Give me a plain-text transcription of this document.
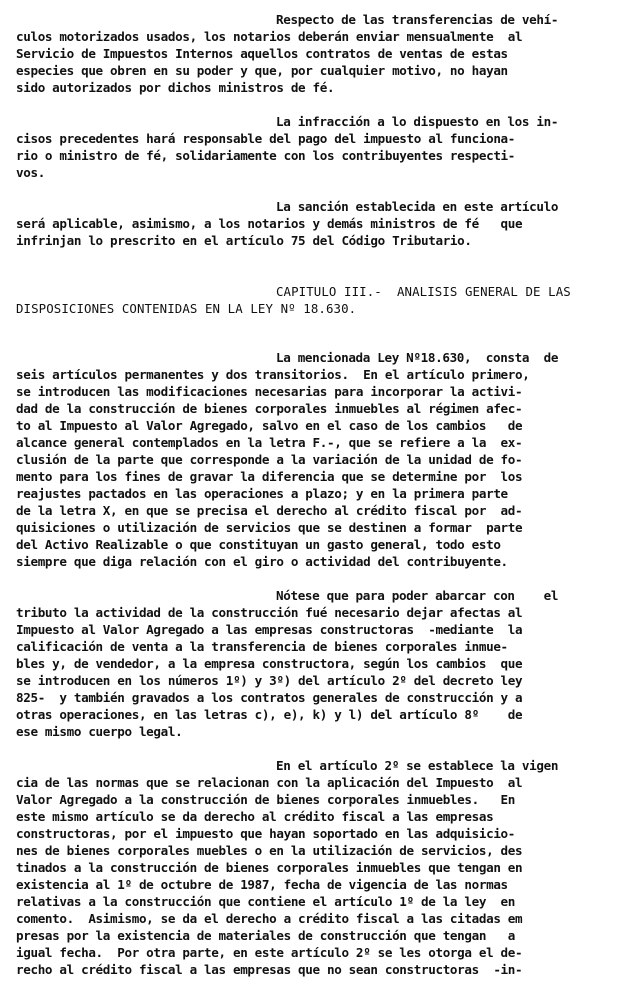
Respecto de las transferencias de vehí-
culos motorizados usados, los notarios deberán enviar mensualmente  al
Servicio de Impuestos Internos aquellos contratos de ventas de estas
especies que obren en su poder y que, por cualquier motivo, no hayan
sido autorizados por dichos ministros de fé.
La infracción a lo dispuesto en los in-
cisos precedentes hará responsable del pago del impuesto al funciona-
rio o ministro de fé, solidariamente con los contribuyentes respecti-
vos.
La sanción establecida en este artículo
será aplicable, asimismo, a los notarios y demás ministros de fé   que
infrinjan lo prescrito en el artículo 75 del Código Tributario.
CAPITULO III.-  ANALISIS GENERAL DE LAS
DISPOSICIONES CONTENIDAS EN LA LEY Nº 18.630.
La mencionada Ley Nº18.630,  consta  de
seis artículos permanentes y dos transitorios.  En el artículo primero,
se introducen las modificaciones necesarias para incorporar la activi-
dad de la construcción de bienes corporales inmuebles al régimen afec-
to al Impuesto al Valor Agregado, salvo en el caso de los cambios   de
alcance general contemplados en la letra F.-, que se refiere a la  ex-
clusión de la parte que corresponde a la variación de la unidad de fo-
mento para los fines de gravar la diferencia que se determine por  los
reajustes pactados en las operaciones a plazo; y en la primera parte
de la letra X, en que se precisa el derecho al crédito fiscal por  ad-
quisiciones o utilización de servicios que se destinen a formar  parte
del Activo Realizable o que constituyan un gasto general, todo esto
siempre que diga relación con el giro o actividad del contribuyente.
Nótese que para poder abarcar con    el
tributo la actividad de la construcción fué necesario dejar afectas al
Impuesto al Valor Agregado a las empresas constructoras  -mediante  la
calificación de venta a la transferencia de bienes corporales inmue-
bles y, de vendedor, a la empresa constructora, según los cambios  que
se introducen en los números 1º) y 3º) del artículo 2º del decreto ley
825-  y también gravados a los contratos generales de construcción y a
otras operaciones, en las letras c), e), k) y l) del artículo 8º    de
ese mismo cuerpo legal.
En el artículo 2º se establece la vigen
cia de las normas que se relacionan con la aplicación del Impuesto  al
Valor Agregado a la construcción de bienes corporales inmuebles.   En
este mismo artículo se da derecho al crédito fiscal a las empresas
constructoras, por el impuesto que hayan soportado en las adquisicio-
nes de bienes corporales muebles o en la utilización de servicios, des
tinados a la construcción de bienes corporales inmuebles que tengan en
existencia al 1º de octubre de 1987, fecha de vigencia de las normas
relativas a la construcción que contiene el artículo 1º de la ley  en
comento.  Asimismo, se da el derecho a crédito fiscal a las citadas em
presas por la existencia de materiales de construcción que tengan   a
igual fecha.  Por otra parte, en este artículo 2º se les otorga el de-
recho al crédito fiscal a las empresas que no sean constructoras  -in-
